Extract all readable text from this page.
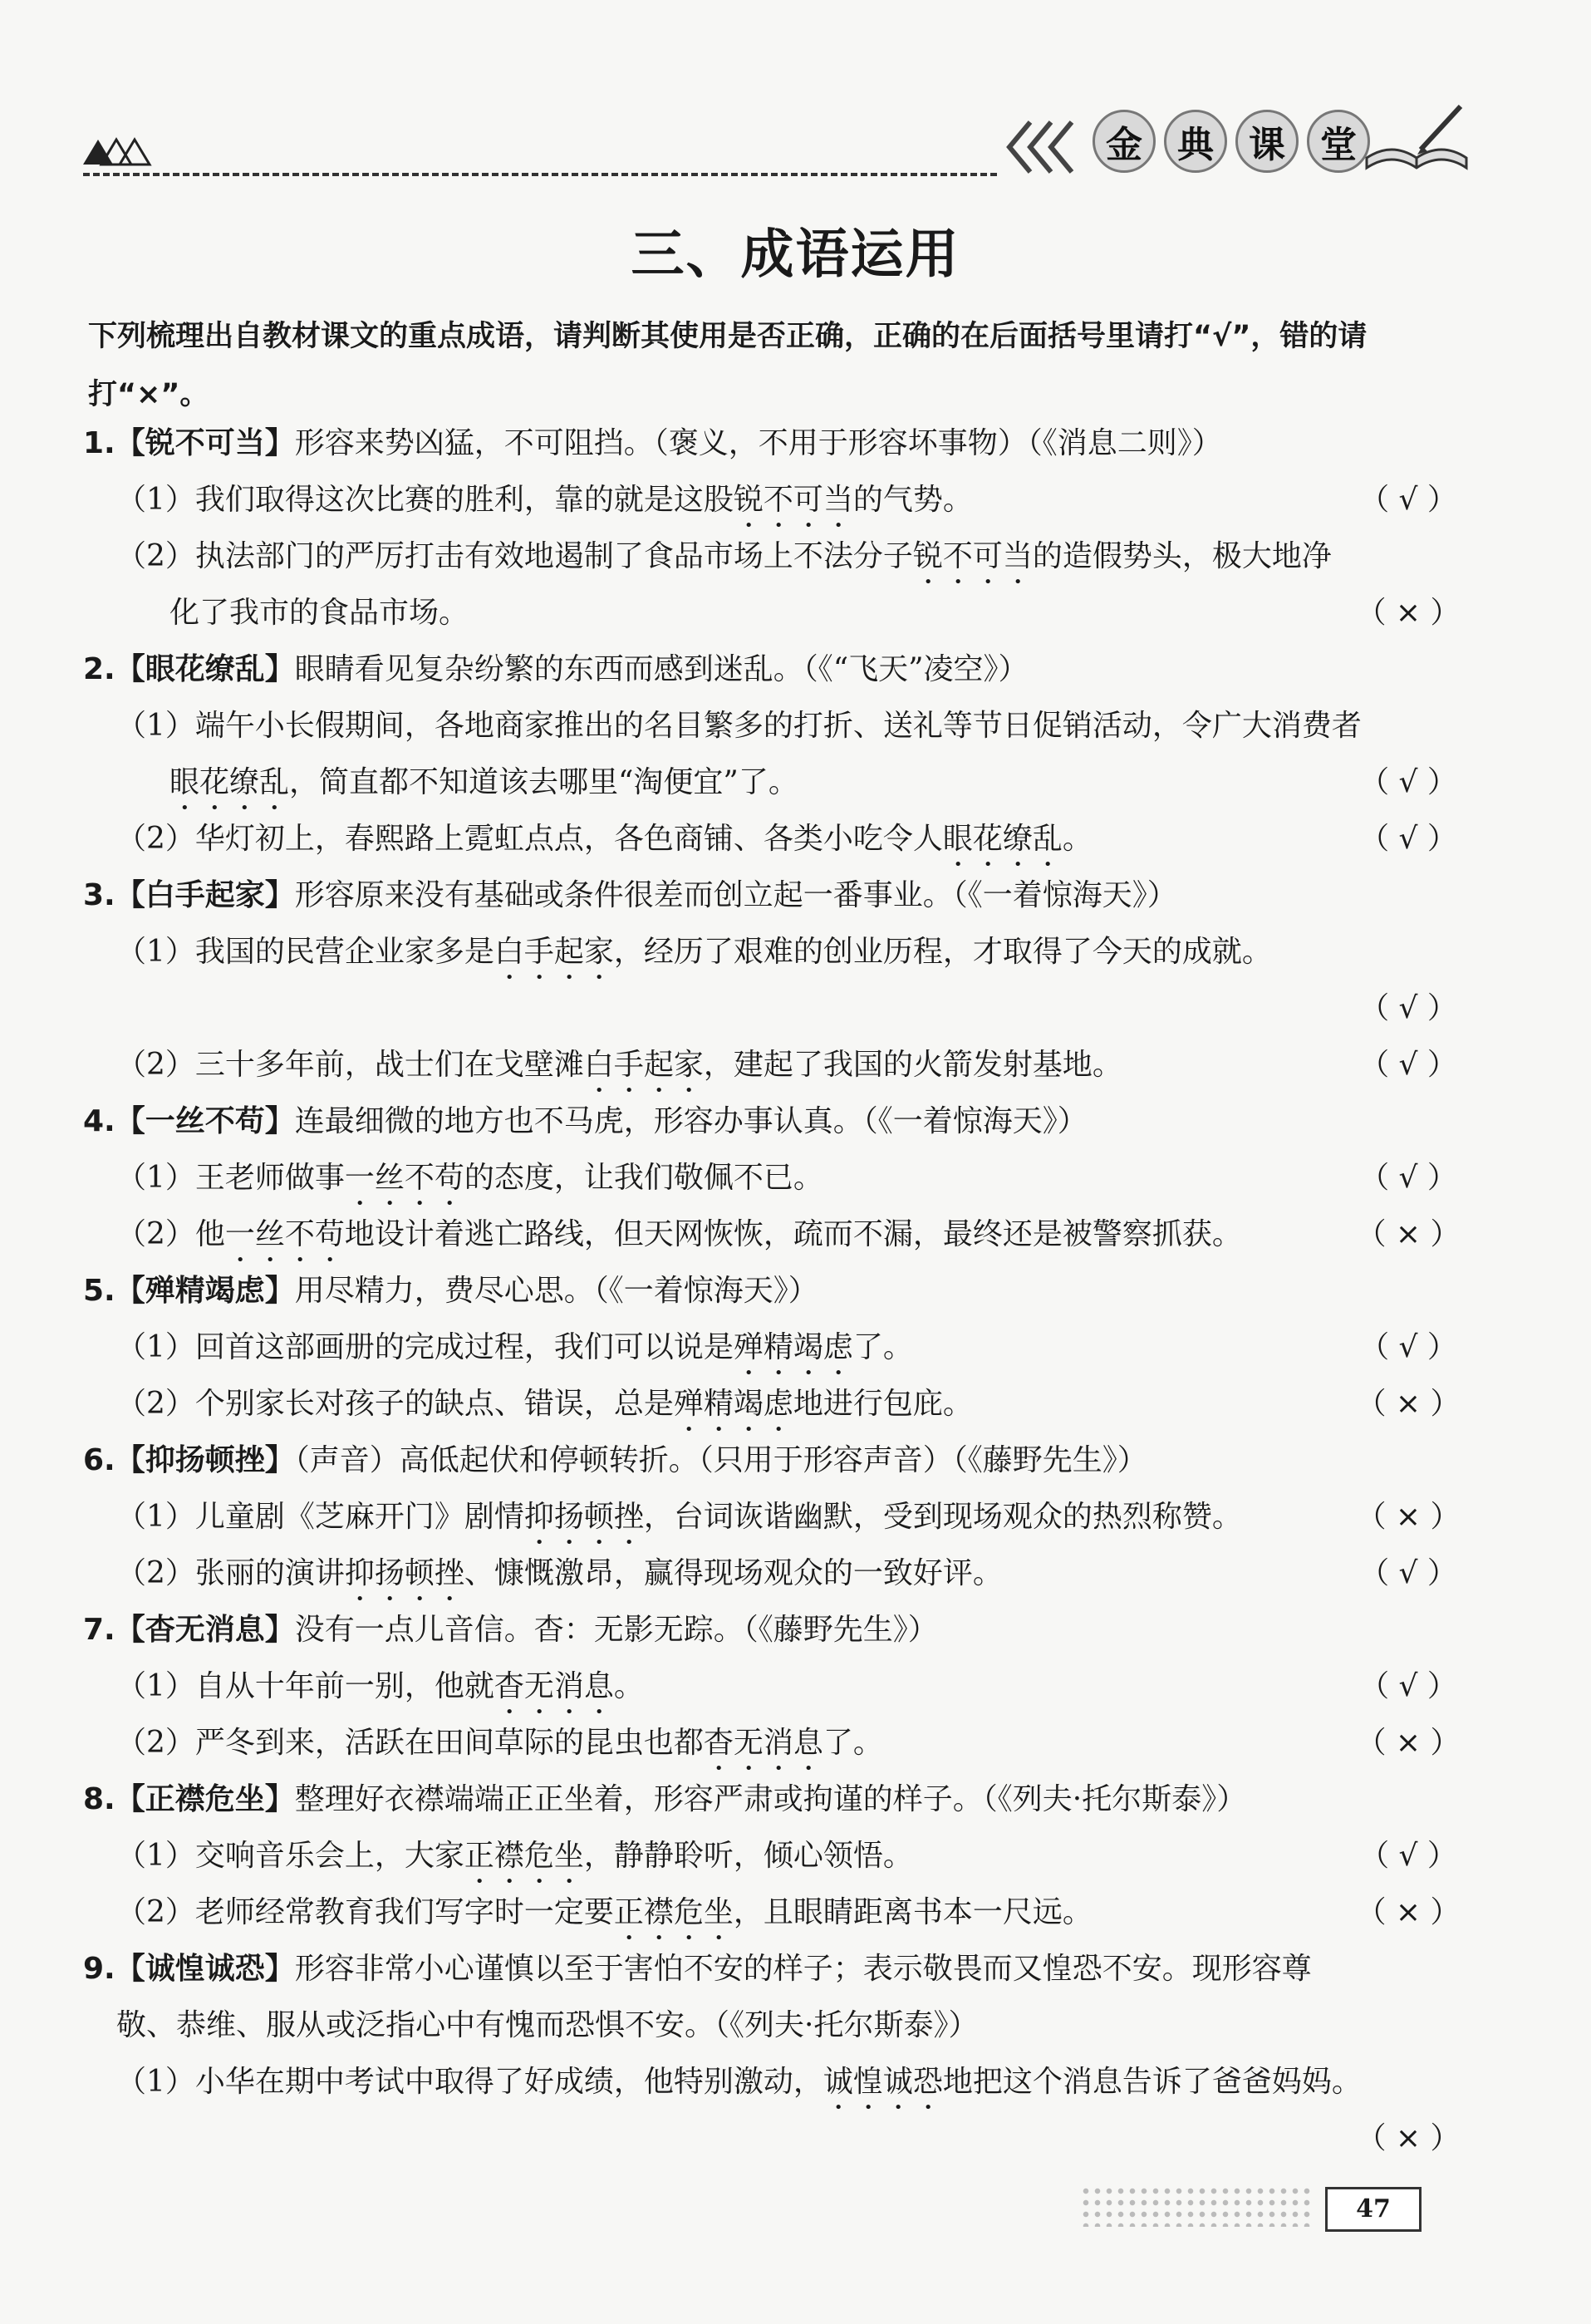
金 典 课 堂
三、成语运用
下列梳理出自教材课文的重点成语，请判断其使用是否正确，正确的在后面括号里请打“√”，错的请打“×”。
1.【锐不可当】形容来势凶猛，不可阻挡。（褒义，不用于形容坏事物）（《消息二则》）
（1）我们取得这次比赛的胜利，靠的就是这股锐不可当的气势。	（ √ ）
（2）执法部门的严厉打击有效地遏制了食品市场上不法分子锐不可当的造假势头，极大地净
化了我市的食品市场。	（ × ）
2.【眼花缭乱】眼睛看见复杂纷繁的东西而感到迷乱。（《“飞天”凌空》）
（1）端午小长假期间，各地商家推出的名目繁多的打折、送礼等节日促销活动，令广大消费者
眼花缭乱，简直都不知道该去哪里“淘便宜”了。	（ √ ）
（2）华灯初上，春熙路上霓虹点点，各色商铺、各类小吃令人眼花缭乱。	（ √ ）
3.【白手起家】形容原来没有基础或条件很差而创立起一番事业。（《一着惊海天》）
（1）我国的民营企业家多是白手起家，经历了艰难的创业历程，才取得了今天的成就。
（ √ ）
（2）三十多年前，战士们在戈壁滩白手起家，建起了我国的火箭发射基地。	（ √ ）
4.【一丝不苟】连最细微的地方也不马虎，形容办事认真。（《一着惊海天》）
（1）王老师做事一丝不苟的态度，让我们敬佩不已。	（ √ ）
（2）他一丝不苟地设计着逃亡路线，但天网恢恢，疏而不漏，最终还是被警察抓获。	（ × ）
5.【殚精竭虑】用尽精力，费尽心思。（《一着惊海天》）
（1）回首这部画册的完成过程，我们可以说是殚精竭虑了。	（ √ ）
（2）个别家长对孩子的缺点、错误，总是殚精竭虑地进行包庇。	（ × ）
6.【抑扬顿挫】（声音）高低起伏和停顿转折。（只用于形容声音）（《藤野先生》）
（1）儿童剧《芝麻开门》剧情抑扬顿挫，台词诙谐幽默，受到现场观众的热烈称赞。	（ × ）
（2）张丽的演讲抑扬顿挫、慷慨激昂，赢得现场观众的一致好评。	（ √ ）
7.【杳无消息】没有一点儿音信。杳：无影无踪。（《藤野先生》）
（1）自从十年前一别，他就杳无消息。	（ √ ）
（2）严冬到来，活跃在田间草际的昆虫也都杳无消息了。	（ × ）
8.【正襟危坐】整理好衣襟端端正正坐着，形容严肃或拘谨的样子。（《列夫·托尔斯泰》）
（1）交响音乐会上，大家正襟危坐，静静聆听，倾心领悟。	（ √ ）
（2）老师经常教育我们写字时一定要正襟危坐，且眼睛距离书本一尺远。	（ × ）
9.【诚惶诚恐】形容非常小心谨慎以至于害怕不安的样子；表示敬畏而又惶恐不安。现形容尊
敬、恭维、服从或泛指心中有愧而恐惧不安。（《列夫·托尔斯泰》）
（1）小华在期中考试中取得了好成绩，他特别激动，诚惶诚恐地把这个消息告诉了爸爸妈妈。
（ × ）
47
